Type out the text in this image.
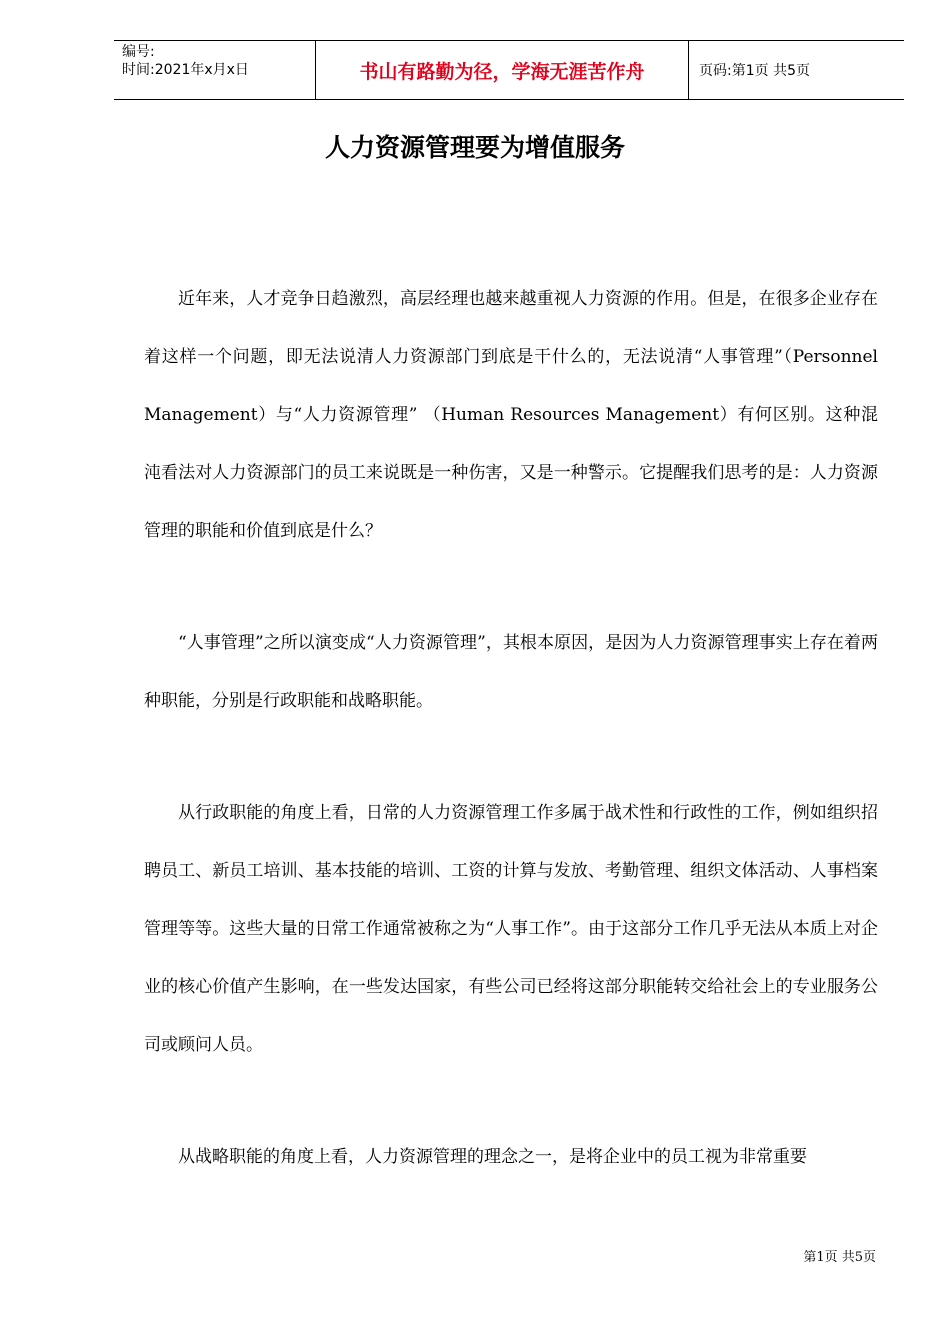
编号:
时间:2021年x月x日	书山有路勤为径，学海无涯苦作舟	页码:第1页 共5页
人力资源管理要为增值服务

近年来，人才竞争日趋激烈，高层经理也越来越重视人力资源的作用。但是，在很多企业存在着这样一个问题，即无法说清人力资源部门到底是干什么的，无法说清“人事管理”（Personnel Management）与“人力资源管理” （Human Resources Management）有何区别。这种混沌看法对人力资源部门的员工来说既是一种伤害，又是一种警示。它提醒我们思考的是：人力资源管理的职能和价值到底是什么？

“人事管理”之所以演变成“人力资源管理”，其根本原因，是因为人力资源管理事实上存在着两种职能，分别是行政职能和战略职能。

从行政职能的角度上看，日常的人力资源管理工作多属于战术性和行政性的工作，例如组织招聘员工、新员工培训、基本技能的培训、工资的计算与发放、考勤管理、组织文体活动、人事档案管理等等。这些大量的日常工作通常被称之为“人事工作”。由于这部分工作几乎无法从本质上对企业的核心价值产生影响，在一些发达国家，有些公司已经将这部分职能转交给社会上的专业服务公司或顾问人员。

从战略职能的角度上看，人力资源管理的理念之一，是将企业中的员工视为非常重要

第1页 共5页
